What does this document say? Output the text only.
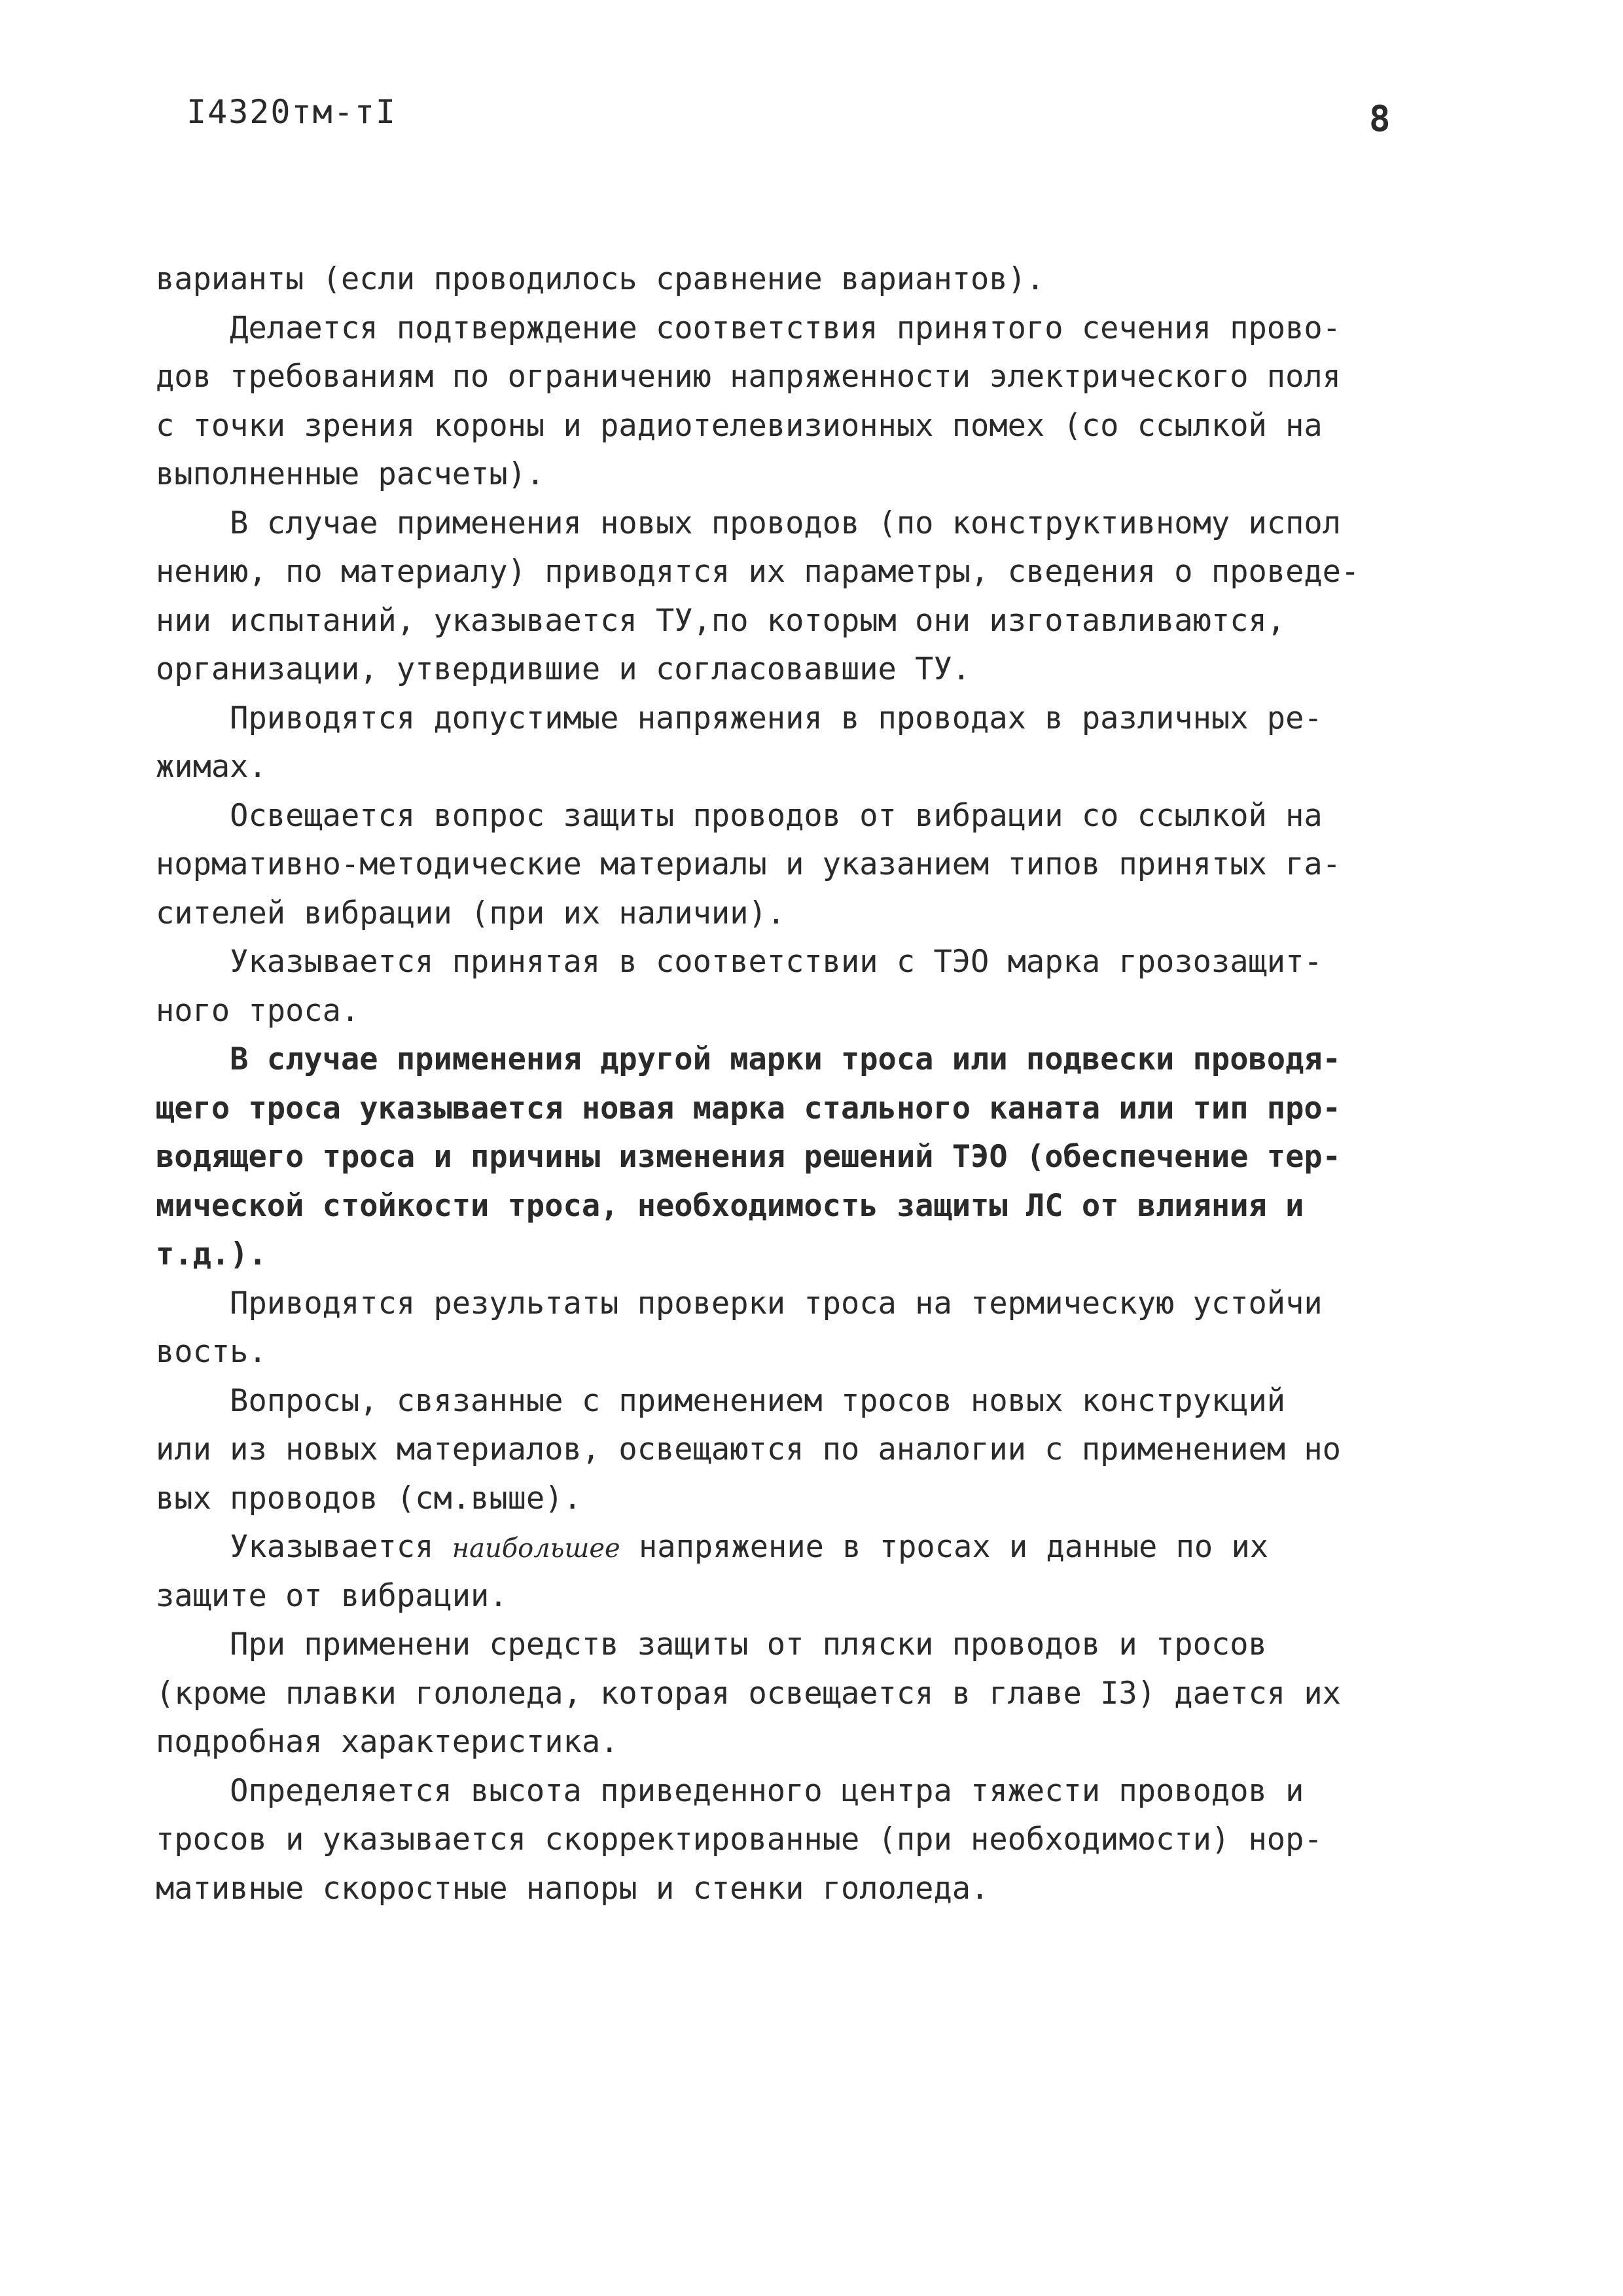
I4320тм-тI	8
варианты (если проводилось сравнение вариантов).
Делается подтверждение соответствия принятого сечения прово-
дов требованиям по ограничению напряженности электрического поля
с точки зрения короны и радиотелевизионных помех (со ссылкой на
выполненные расчеты).
В случае применения новых проводов (по конструктивному испол
нению, по материалу) приводятся их параметры, сведения о проведе-
нии испытаний, указывается ТУ,по которым они изготавливаются,
организации, утвердившие и согласовавшие ТУ.
Приводятся допустимые напряжения в проводах в различных ре-
жимах.
Освещается вопрос защиты проводов от вибрации со ссылкой на
нормативно-методические материалы и указанием типов принятых га-
сителей вибрации (при их наличии).
Указывается принятая в соответствии с ТЭО марка грозозащит-
ного троса.
В случае применения другой марки троса или подвески проводя-
щего троса указывается новая марка стального каната или тип про-
водящего троса и причины изменения решений ТЭО (обеспечение тер-
мической стойкости троса, необходимость защиты ЛС от влияния и
т.д.).
Приводятся результаты проверки троса на термическую устойчи
вость.
Вопросы, связанные с применением тросов новых конструкций
или из новых материалов, освещаются по аналогии с применением но
вых проводов (см.выше).
Указывается наибольшее напряжение в тросах и данные по их
защите от вибрации.
При применени средств защиты от пляски проводов и тросов
(кроме плавки гололеда, которая освещается в главе I3) дается их
подробная характеристика.
Определяется высота приведенного центра тяжести проводов и
тросов и указывается скорректированные (при необходимости) нор-
мативные скоростные напоры и стенки гололеда.
